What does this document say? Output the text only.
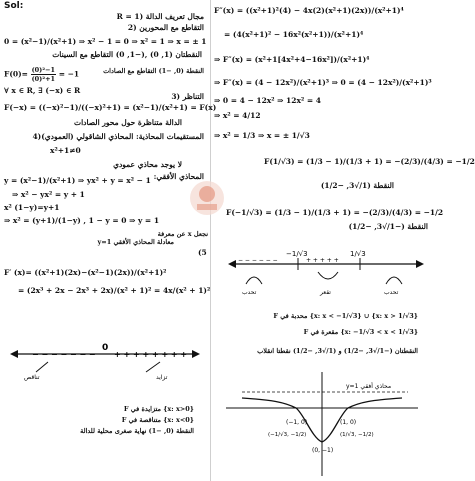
Sol:
R = مجال تعريف الدالة (1
التقاطع مع المحورين (2
0 = (x²−1)/(x²+1) ⇒ x² − 1 = 0 ⇒ x² = 1 ⇒ x = ± 1
النقطتان (1, 0) ,(−1, 0) التقاطع مع السينات
$F(0)= \frac{\text{(0)²−1}}{\text{(0)²+1}} = -1$	النقطة (0, −1) التقاطع مع الصادات
∀ x ∈ R, ∃ (−x) ∈ R
التناظر (3
F(−x) = ((−x)²−1)/((−x)²+1) = (x²−1)/(x²+1) = F(x)
الدالة متناظرة حول محور الصادات
المستقيمات المحاذية: المحاذي الشاقولي (العمودي)(4
x²+1≠0
لا يوجد محاذي عمودي
المحاذي الأفقي:
y = (x²−1)/(x²+1) ⇒ yx² + y = x² − 1
⇒ x² − yx² = y + 1
x² (1−y)=y+1
⇒ x² = (y+1)/(1−y) , 1 − y = 0 ⇒ y = 1
نجعل x عن معرفة
y=1 معادلة المحاذي الأفقي
(5
F′ (x)= ((x²+1)(2x)−(x²−1)(2x))/(x²+1)²
= (2x³ + 2x − 2x³ + 2x)/(x² + 1)² = 4x/(x² + 1)²
0
+ + + + + + + +
− − − − − − −
تناقص	تزايد
F متزايدة في {x: x>0}
F متناقصة في {x: x<0}
النقطة (0, −1) نهاية صغرى محلية للدالة
F″(x) = ((x²+1)²(4) − 4x(2)(x²+1)(2x))/(x²+1)⁴
= (4(x²+1)² − 16x²(x²+1))/(x²+1)⁴
⇒ F″(x) = (x²+1[4x²+4−16x²])/(x²+1)⁴
⇒ F″(x) = (4 − 12x²)/(x²+1)³ ⇒ 0 = (4 − 12x²)/(x²+1)³
⇒ 0 = 4 − 12x² ⇒ 12x² = 4
⇒ x² = 4/12
⇒ x² = 1/3 ⇒ x = ± 1/√3
F(1/√3) = (1/3 − 1)/(1/3 + 1) = −(2/3)/(4/3) = −1/2
النقطة (1/√3, −1/2)
F(−1/√3) = (1/3 − 1)/(1/3 + 1) = −(2/3)/(4/3) = −1/2
النقطة (−1/√3, −1/2)
−1/√3	1/√3
+ + + + +
− − − − − −
تحدب	تقعر	تحدب
F محدبة في {x: x < −1/√3} ∪ {x: x > 1/√3}
F مقعرة في {x: −1/√3 < x < 1/√3}
النقطتان (−1/√3, −1/2) و (1/√3, −1/2) نقطتا انقلاب
y=1 محاذي أفقي
(−1, 0)	(1, 0)
(0, −1)
(−1/√3, −1/2)	(1/√3, −1/2)
